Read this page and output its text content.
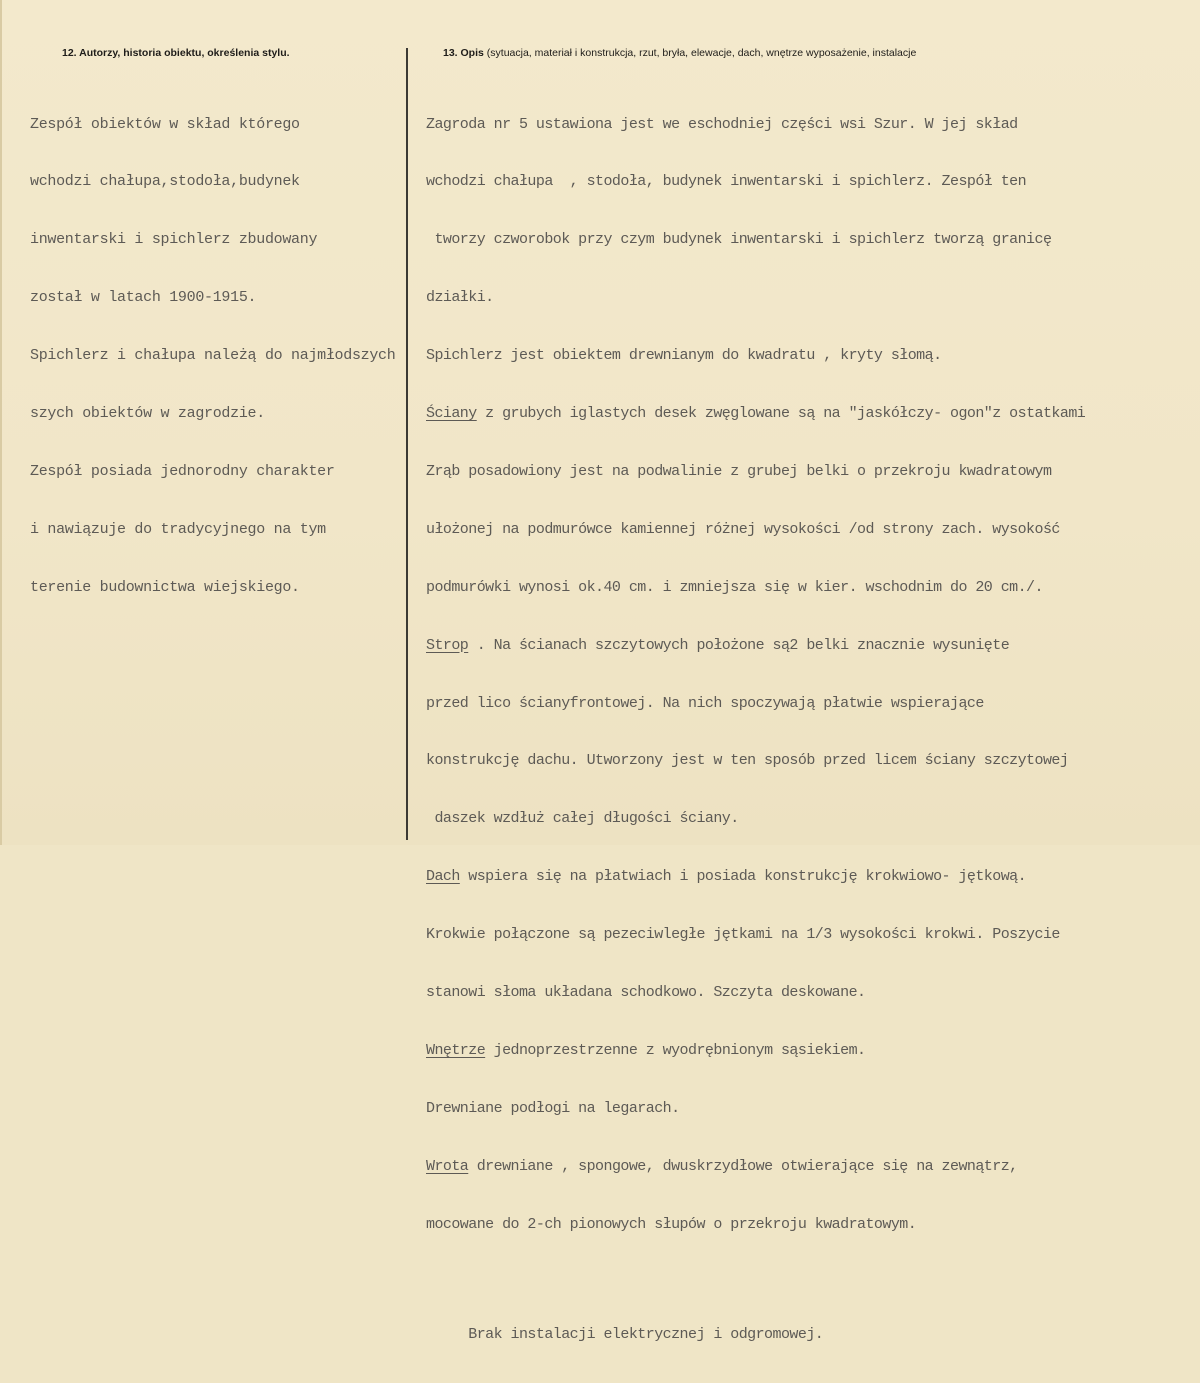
12. Autorzy, historia obiektu, określenia stylu.	13. Opis (sytuacja, materiał i konstrukcja, rzut, bryła, elewacje, dach, wnętrze wyposażenie, instalacje

Zespół obiektów w skład którego

wchodzi chałupa,stodoła,budynek

inwentarski i spichlerz zbudowany

został w latach 1900-1915.

Spichlerz i chałupa należą do najmłodszych

szych obiektów w zagrodzie.

Zespół posiada jednorodny charakter

i nawiązuje do tradycyjnego na tym

terenie budownictwa wiejskiego.

Zagroda nr 5 ustawiona jest we eschodniej części wsi Szur. W jej skład

wchodzi chałupa  , stodoła, budynek inwentarski i spichlerz. Zespół ten

tworzy czworobok przy czym budynek inwentarski i spichlerz tworzą granicę

działki.

Spichlerz jest obiektem drewnianym do kwadratu , kryty słomą.

Ściany z grubych iglastych desek zwęglowane są na "jaskółczy- ogon"z ostatkami

Zrąb posadowiony jest na podwalinie z grubej belki o przekroju kwadratowym

ułożonej na podmurówce kamiennej różnej wysokości /od strony zach. wysokość

podmurówki wynosi ok.40 cm. i zmniejsza się w kier. wschodnim do 20 cm./.

Strop . Na ścianach szczytowych położone są2 belki znacznie wysunięte

przed lico ścianyfrontowej. Na nich spoczywają płatwie wspierające

konstrukcję dachu. Utworzony jest w ten sposób przed licem ściany szczytowej

daszek wzdłuż całej długości ściany.

Dach wspiera się na płatwiach i posiada konstrukcję krokwiowo- jętkową.

Krokwie połączone są pezeciwległe jętkami na 1/3 wysokości krokwi. Poszycie

stanowi słoma układana schodkowo. Szczyta deskowane.

Wnętrze jednoprzestrzenne z wyodrębnionym sąsiekiem.

Drewniane podłogi na legarach.

Wrota drewniane , spongowe, dwuskrzydłowe otwierające się na zewnątrz,

mocowane do 2-ch pionowych słupów o przekroju kwadratowym.

Brak instalacji elektrycznej i odgromowej.
